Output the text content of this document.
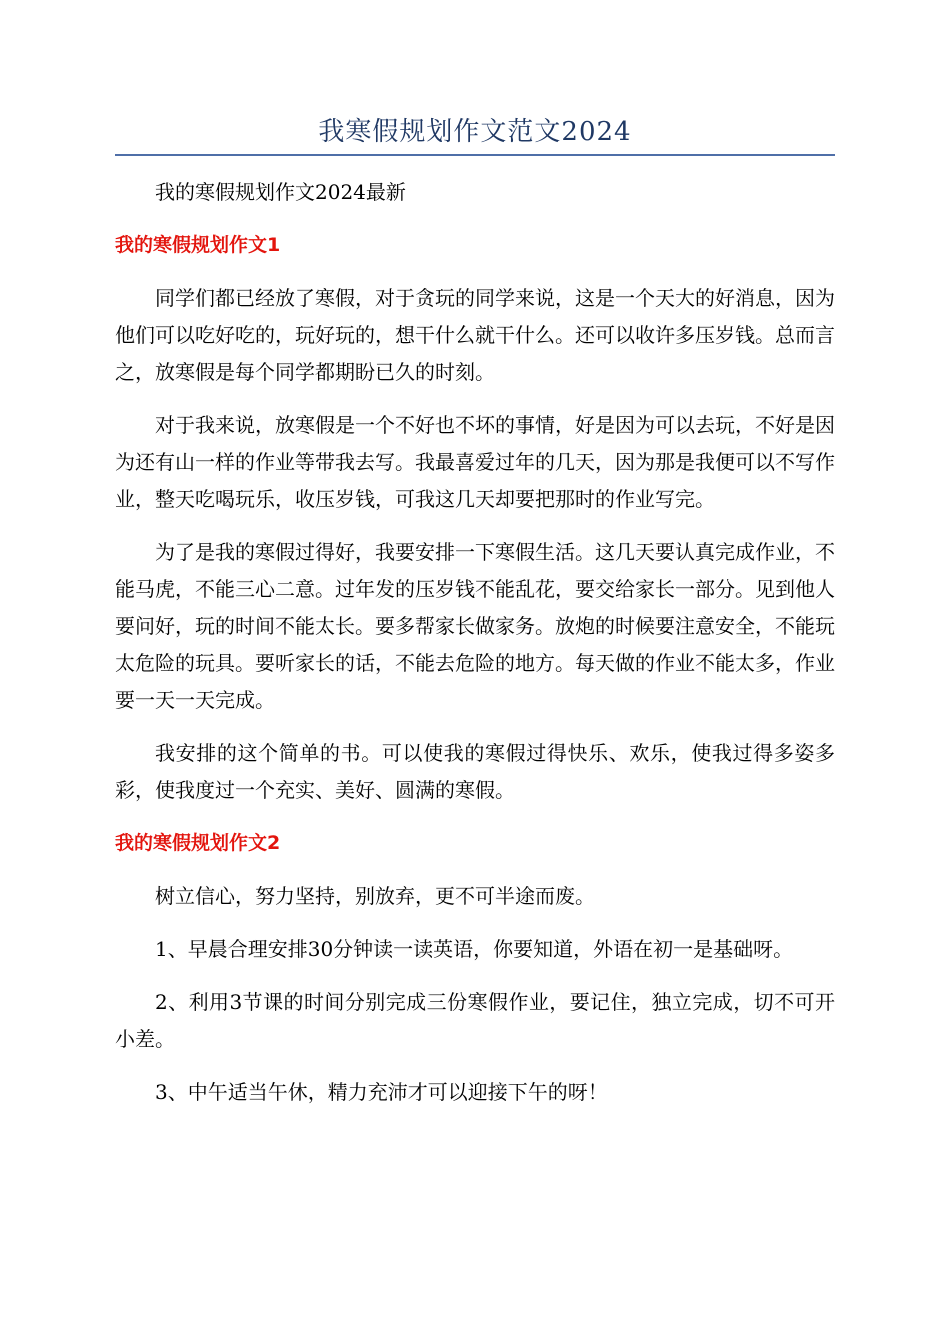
我寒假规划作文范文2024

我的寒假规划作文2024最新

我的寒假规划作文1

同学们都已经放了寒假，对于贪玩的同学来说，这是一个天大的好消息，因为他们可以吃好吃的，玩好玩的，想干什么就干什么。还可以收许多压岁钱。总而言之，放寒假是每个同学都期盼已久的时刻。

对于我来说，放寒假是一个不好也不坏的事情，好是因为可以去玩，不好是因为还有山一样的作业等带我去写。我最喜爱过年的几天，因为那是我便可以不写作业，整天吃喝玩乐，收压岁钱，可我这几天却要把那时的作业写完。

为了是我的寒假过得好，我要安排一下寒假生活。这几天要认真完成作业，不能马虎，不能三心二意。过年发的压岁钱不能乱花，要交给家长一部分。见到他人要问好，玩的时间不能太长。要多帮家长做家务。放炮的时候要注意安全，不能玩太危险的玩具。要听家长的话，不能去危险的地方。每天做的作业不能太多，作业要一天一天完成。

我安排的这个简单的书。可以使我的寒假过得快乐、欢乐，使我过得多姿多彩，使我度过一个充实、美好、圆满的寒假。

我的寒假规划作文2

树立信心，努力坚持，别放弃，更不可半途而废。

1、早晨合理安排30分钟读一读英语，你要知道，外语在初一是基础呀。

2、利用3节课的时间分别完成三份寒假作业，要记住，独立完成，切不可开小差。

3、中午适当午休，精力充沛才可以迎接下午的呀！
